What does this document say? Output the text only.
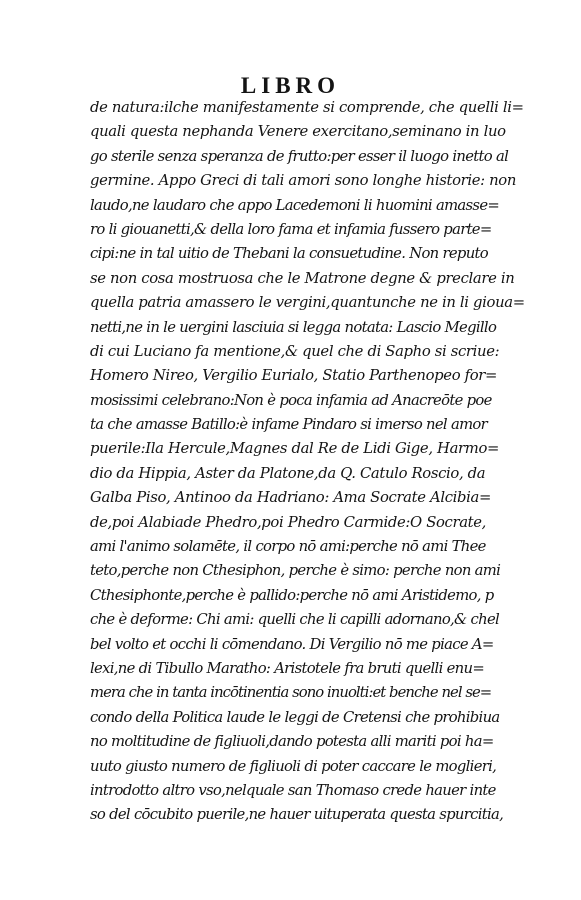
LIBRO
de natura:ilche manifestamente si comprende, che quelli li=
quali questa nephanda Venere exercitano,seminano in luo
go sterile senza speranza de frutto:per esser il luogo inetto al
germine. Appo Greci di tali amori sono longhe historie: non
laudo,ne laudaro che appo Lacedemoni li huomini amasse=
ro li giouanetti,& della loro fama et infamia fussero parte=
cipi:ne in tal uitio de Thebani la consuetudine. Non reputo
se non cosa mostruosa che le Matrone degne & preclare in
quella patria amassero le vergini,quantunche ne in li gioua=
netti,ne in le uergini lasciuia si legga notata: Lascio Megillo
di cui Luciano fa mentione,& quel che di Sapho si scriue:
Homero Nireo, Vergilio Eurialo, Statio Parthenopeo for=
mosissimi celebrano:Non è poca infamia ad Anacreōte poe
ta che amasse Batillo:è infame Pindaro si imerso nel amor
puerile:Ila Hercule,Magnes dal Re de Lidi Gige, Harmo=
dio da Hippia, Aster da Platone,da Q. Catulo Roscio, da
Galba Piso, Antinoo da Hadriano: Ama Socrate Alcibia=
de,poi Alabiade Phedro,poi Phedro Carmide:O Socrate,
ami l'animo solamēte, il corpo nō ami:perche nō ami Thee
teto,perche non Cthesiphon, perche è simo: perche non ami
Cthesiphonte,perche è pallido:perche nō ami Aristidemo, p
che è deforme: Chi ami: quelli che li capilli adornano,& chel
bel volto et occhi li cōmendano. Di Vergilio nō me piace A=
lexi,ne di Tibullo Maratho: Aristotele fra bruti quelli enu=
mera che in tanta incōtinentia sono inuolti:et benche nel se=
condo della Politica laude le leggi de Cretensi che prohibiua
no moltitudine de figliuoli,dando potesta alli mariti poi ha=
uuto giusto numero de figliuoli di poter caccare le moglieri,
introdotto altro vso,nelquale san Thomaso crede hauer inte
so del cōcubito puerile,ne hauer uituperata questa spurcitia,
